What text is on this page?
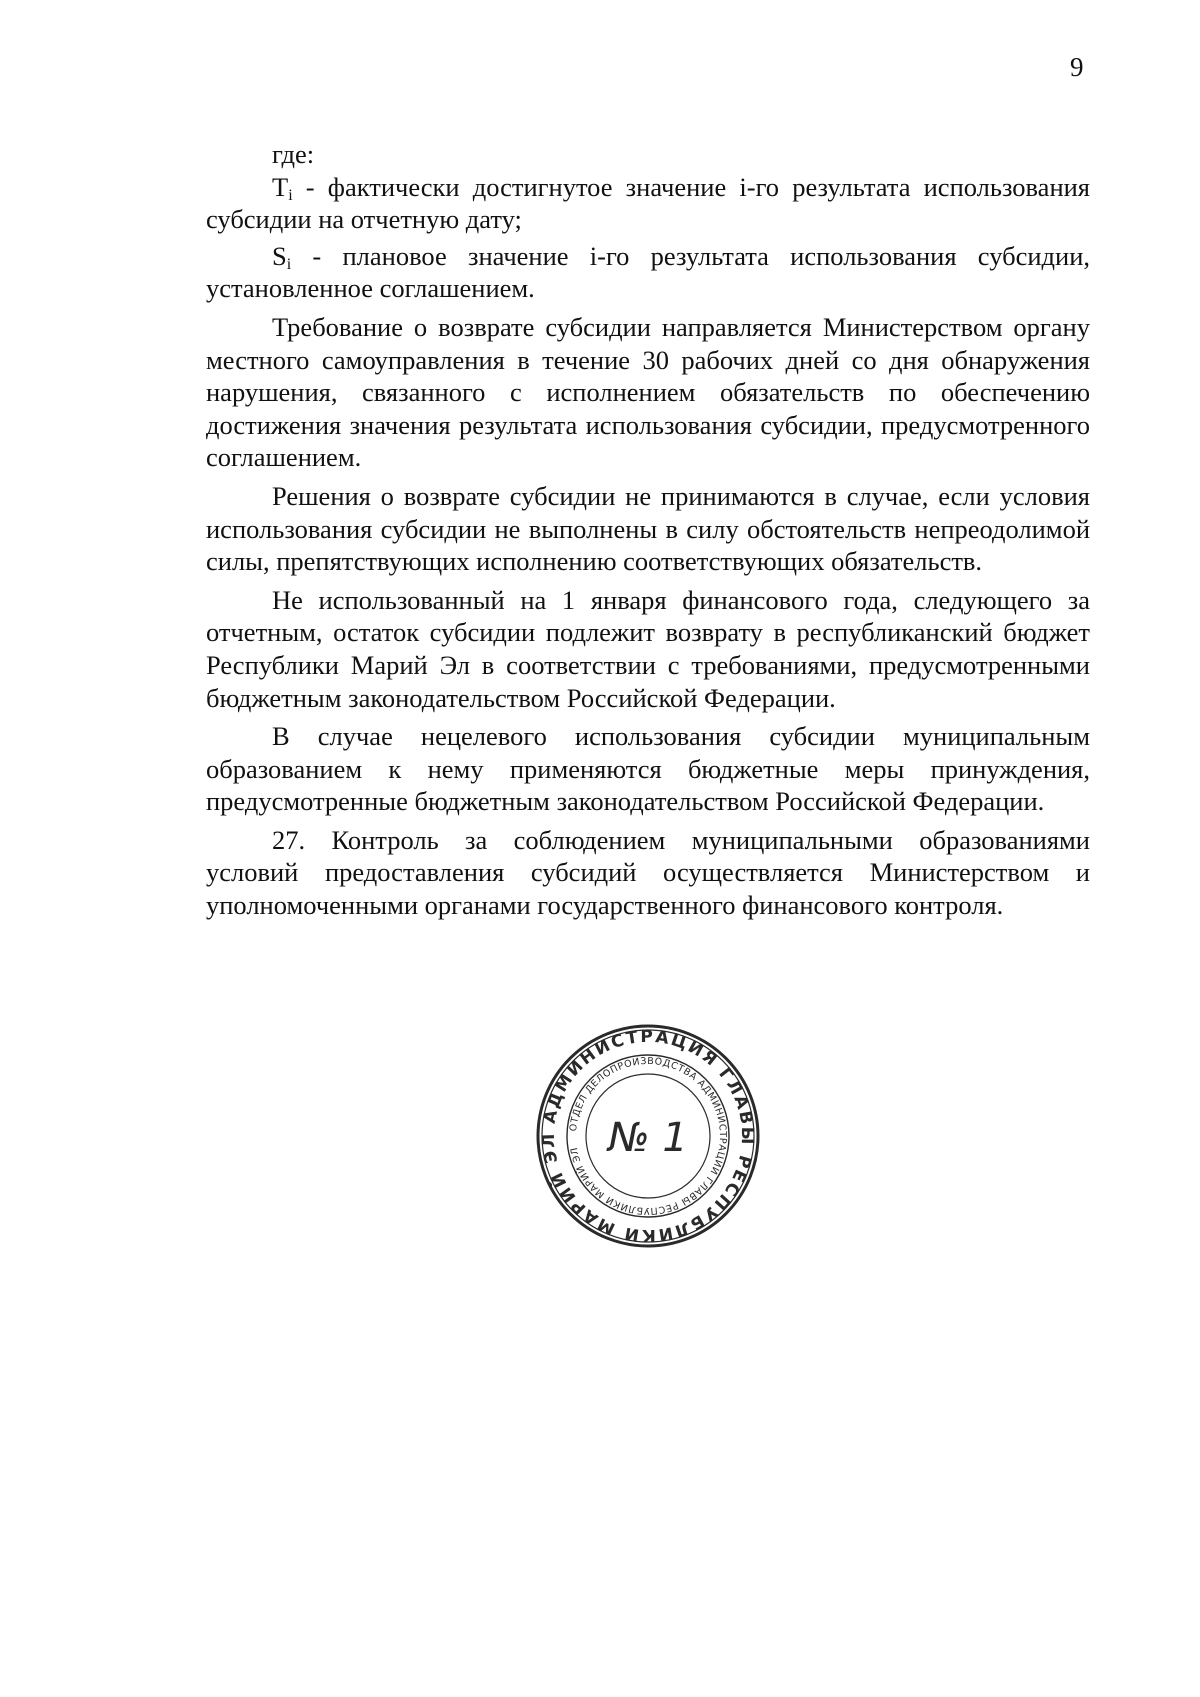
9

где:

$T_i$ - фактически достигнутое значение i-го результата использования субсидии на отчетную дату;

$S_i$ - плановое значение i-го результата использования субсидии, установленное соглашением.

Требование о возврате субсидии направляется Министерством органу местного самоуправления в течение 30 рабочих дней со дня обнаружения нарушения, связанного с исполнением обязательств по обеспечению достижения значения результата использования субсидии, предусмотренного соглашением.

Решения о возврате субсидии не принимаются в случае, если условия использования субсидии не выполнены в силу обстоятельств непреодолимой силы, препятствующих исполнению соответствующих обязательств.

Не использованный на 1 января финансового года, следующего за отчетным, остаток субсидии подлежит возврату в республиканский бюджет Республики Марий Эл в соответствии с требованиями, предусмотренными бюджетным законодательством Российской Федерации.

В случае нецелевого использования субсидии муниципальным образованием к нему применяются бюджетные меры принуждения, предусмотренные бюджетным законодательством Российской Федерации.

27. Контроль за соблюдением муниципальными образованиями условий предоставления субсидий осуществляется Министерством и уполномоченными органами государственного финансового контроля.

АДМИНИСТРАЦИЯ ГЛАВЫ РЕСПУБЛИКИ МАРИЙ ЭЛ
ОТДЕЛ ДЕЛОПРОИЗВОДСТВА АДМИНИСТРАЦИИ ГЛАВЫ РЕСПУБЛИКИ МАРИЙ ЭЛ № 1
